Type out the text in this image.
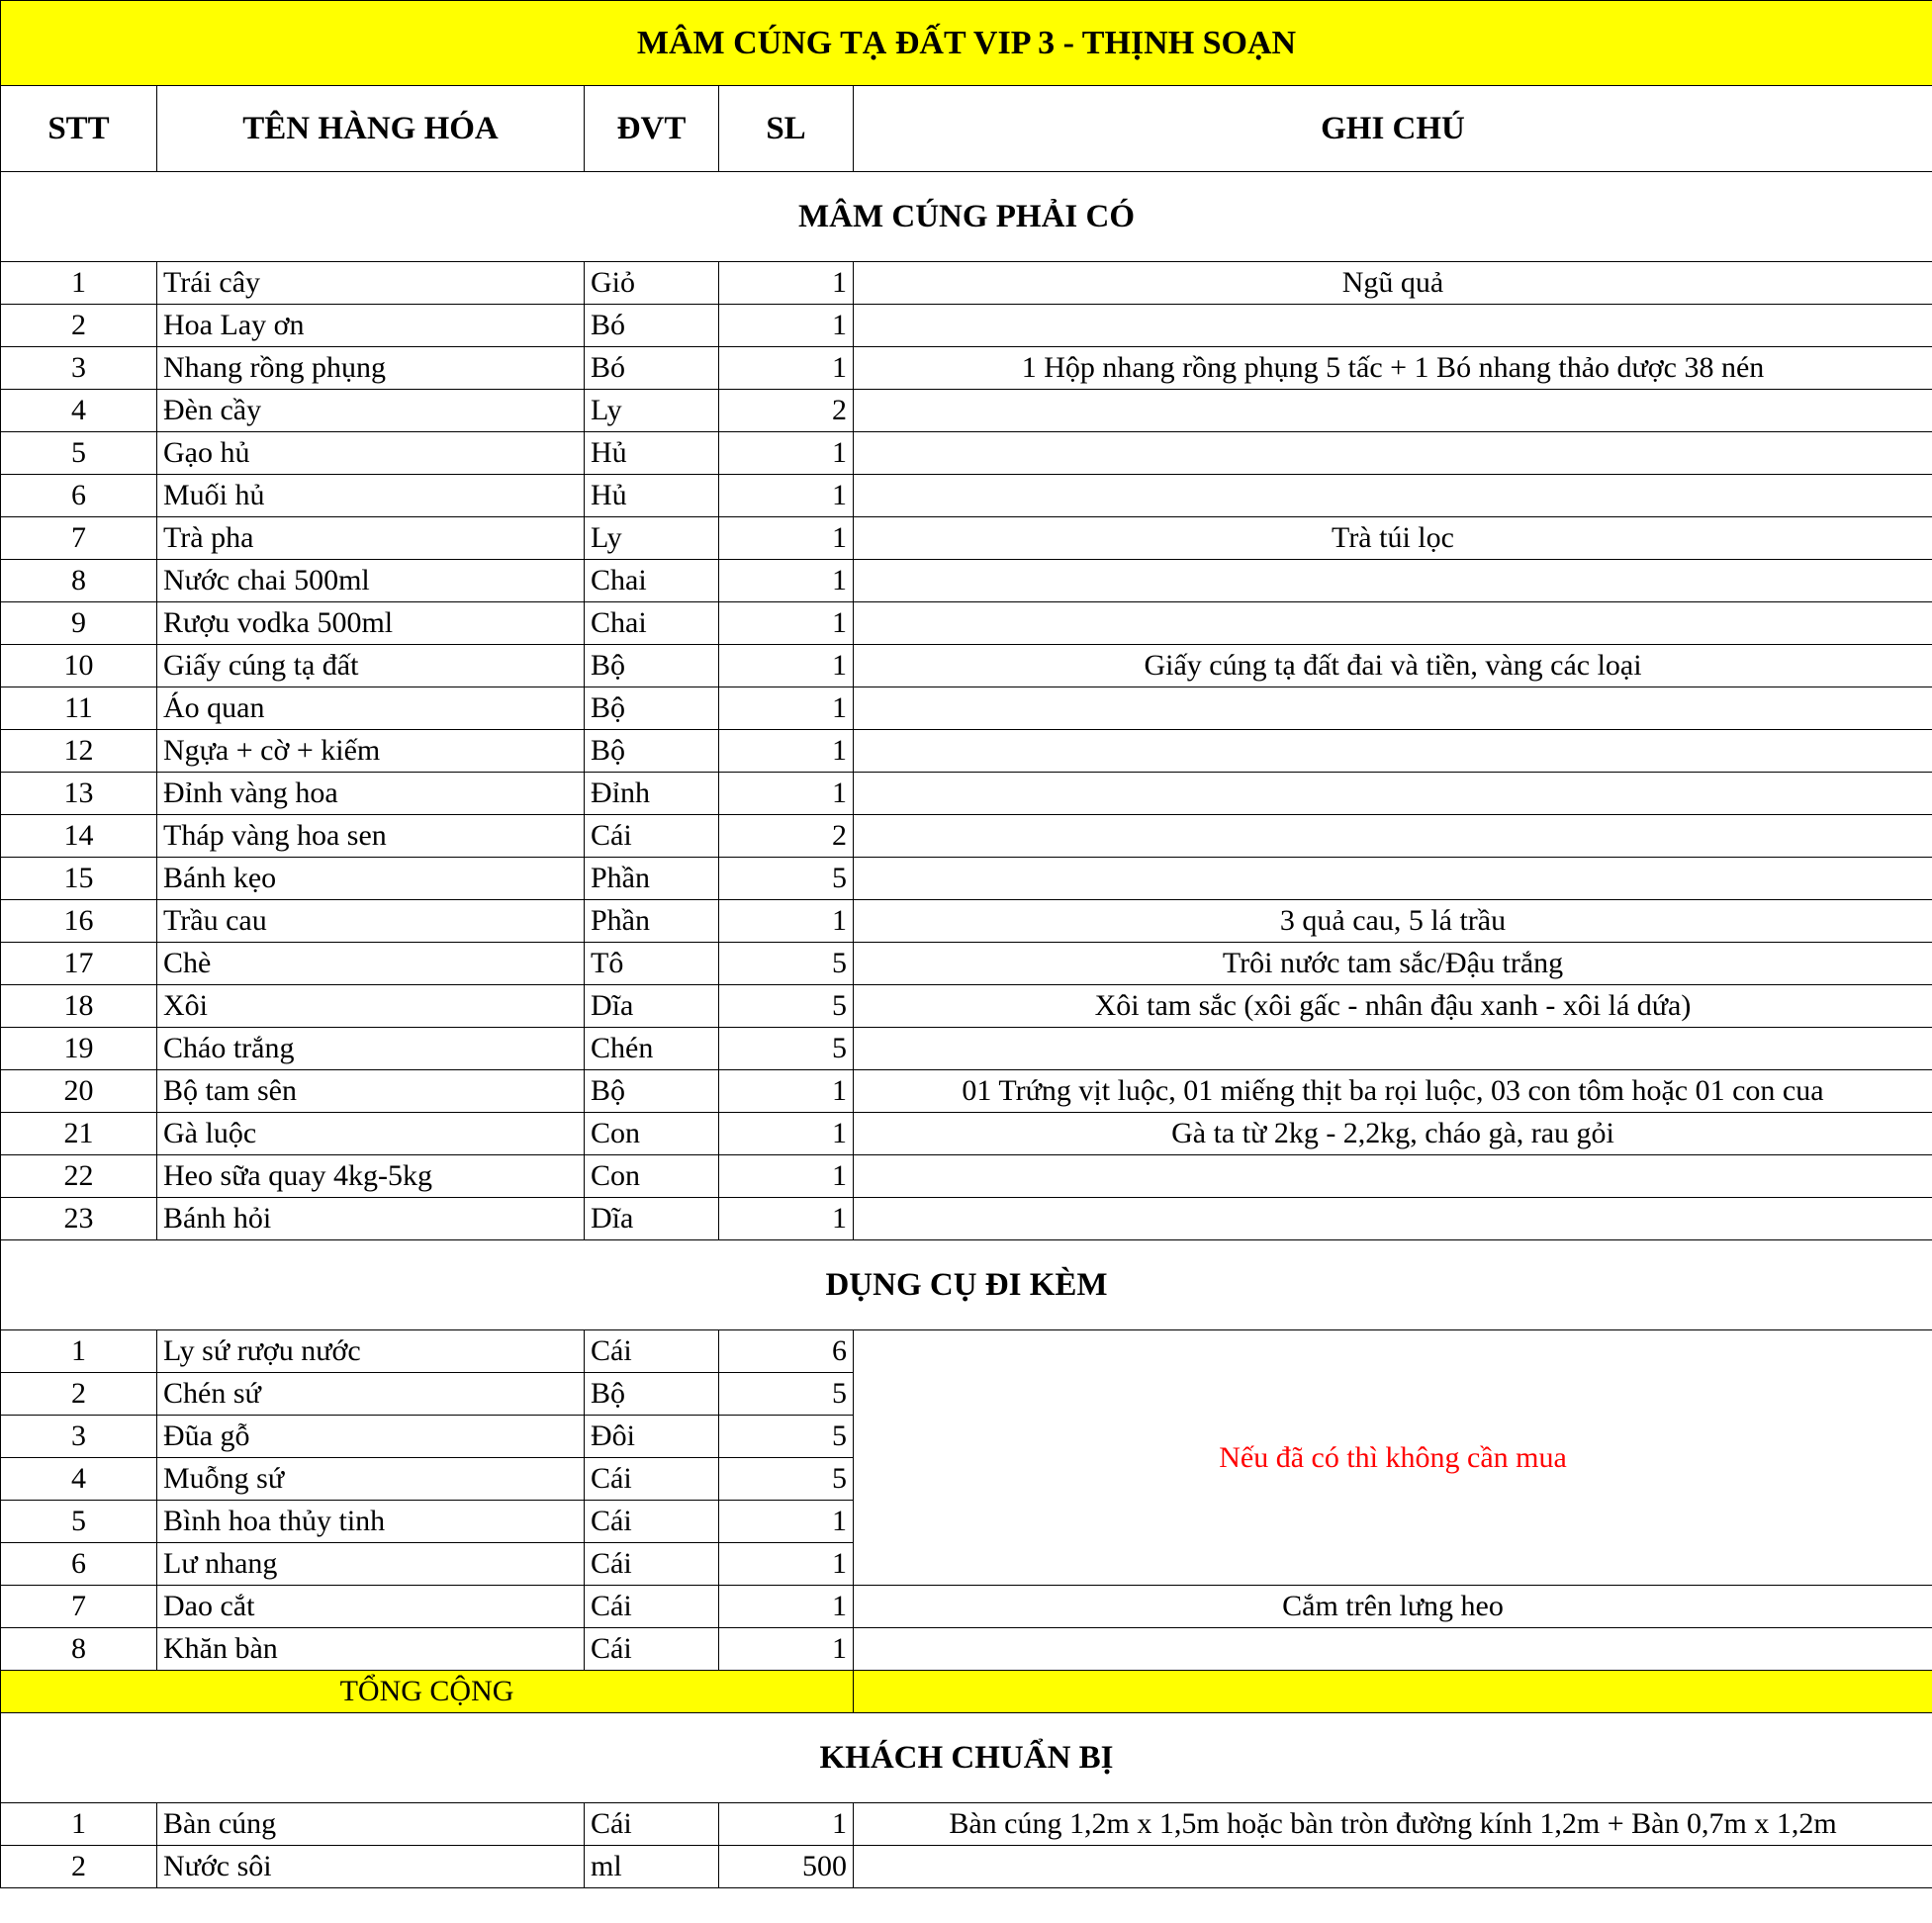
MÂM CÚNG TẠ ĐẤT VIP 3 - THỊNH SOẠN				
STT	TÊN HÀNG HÓA	ĐVT	SL	GHI CHÚ
MÂM CÚNG PHẢI CÓ				
1	Trái cây	Giỏ	1	Ngũ quả
2	Hoa Lay ơn	Bó	1	
3	Nhang rồng phụng	Bó	1	1 Hộp nhang rồng phụng 5 tấc + 1 Bó nhang thảo dược 38 nén
4	Đèn cầy	Ly	2	
5	Gạo hủ	Hủ	1	
6	Muối hủ	Hủ	1	
7	Trà pha	Ly	1	Trà túi lọc
8	Nước chai 500ml	Chai	1	
9	Rượu vodka 500ml	Chai	1	
10	Giấy cúng tạ đất	Bộ	1	Giấy cúng tạ đất đai và tiền, vàng các loại
11	Áo quan	Bộ	1	
12	Ngựa + cờ + kiếm	Bộ	1	
13	Đỉnh vàng hoa	Đỉnh	1	
14	Tháp vàng hoa sen	Cái	2	
15	Bánh kẹo	Phần	5	
16	Trầu cau	Phần	1	3 quả cau, 5 lá trầu
17	Chè	Tô	5	Trôi nước tam sắc/Đậu trắng
18	Xôi	Dĩa	5	Xôi tam sắc (xôi gấc - nhân đậu xanh - xôi lá dứa)
19	Cháo trắng	Chén	5	
20	Bộ tam sên	Bộ	1	01 Trứng vịt luộc, 01 miếng thịt ba rọi luộc, 03 con tôm hoặc 01 con cua
21	Gà luộc	Con	1	Gà ta từ 2kg - 2,2kg, cháo gà, rau gỏi
22	Heo sữa quay 4kg-5kg	Con	1	
23	Bánh hỏi	Dĩa	1	
DỤNG CỤ ĐI KÈM				
1	Ly sứ rượu nước	Cái	6	Nếu đã có thì không cần mua
2	Chén sứ	Bộ	5	
3	Đũa gỗ	Đôi	5	
4	Muỗng sứ	Cái	5	
5	Bình hoa thủy tinh	Cái	1	
6	Lư nhang	Cái	1	
7	Dao cắt	Cái	1	Cắm trên lưng heo
8	Khăn bàn	Cái	1	
TỔNG CỘNG				
KHÁCH CHUẨN BỊ				
1	Bàn cúng	Cái	1	Bàn cúng 1,2m x 1,5m hoặc bàn tròn đường kính 1,2m + Bàn 0,7m x 1,2m
2	Nước sôi	ml	500	
